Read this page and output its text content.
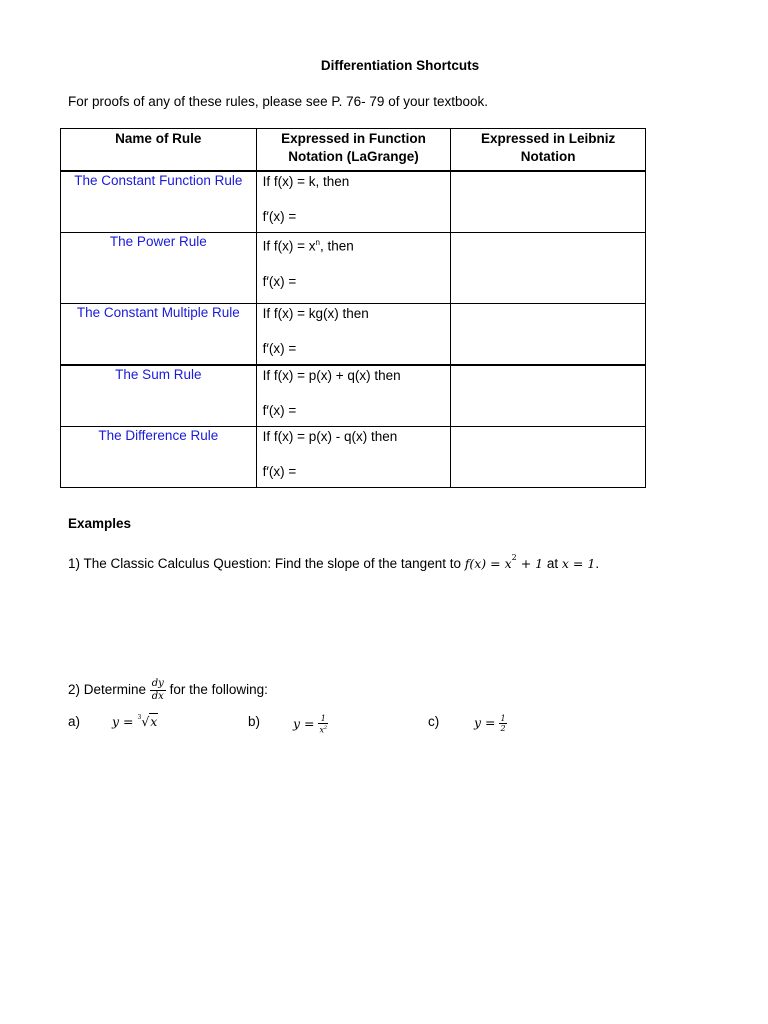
Differentiation Shortcuts
For proofs of any of these rules, please see P. 76- 79 of your textbook.
Name of Rule	Expressed in Function Notation (LaGrange)	Expressed in Leibniz Notation
The Constant Function Rule	If f(x) = k, then
f′(x) =	

The Power Rule	If $f(x) = x^n$, then
f′(x) =	

The Constant Multiple Rule	If f(x) = kg(x) then
f′(x) =	

The Sum Rule	If f(x) = p(x) + q(x) then
f′(x) =	

The Difference Rule	If f(x) = p(x) - q(x) then
f′(x) =	

Examples
1) The Classic Calculus Question: Find the slope of the tangent to $f(x) = x^2 + 1$ at x = 1.
2) Determine $\frac{dy}{dx}$ for the following:
a)	y = $^3$√x	b)	$y = \frac{1}{x^2}$	c)	$y = \frac{1}{2}$
